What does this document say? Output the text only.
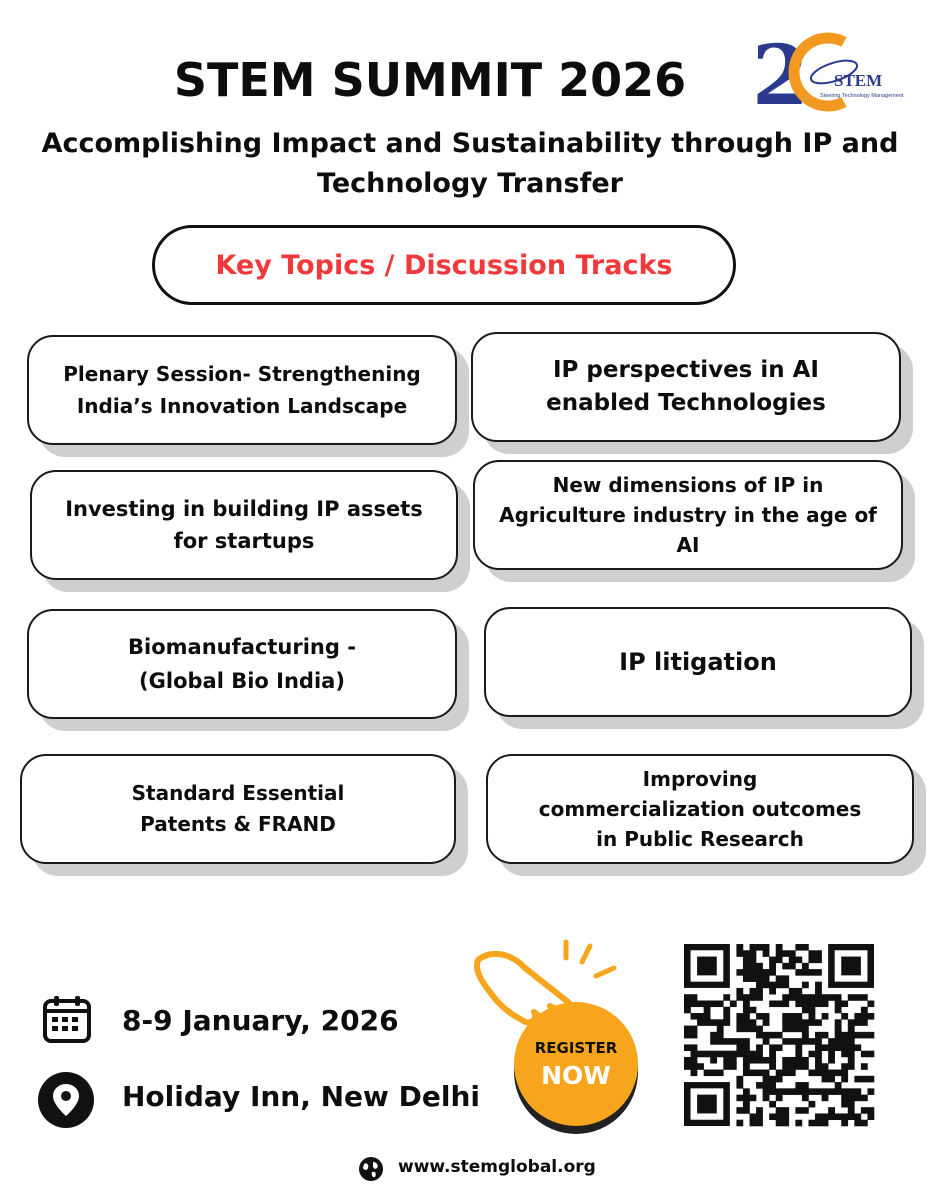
STEM SUMMIT 2026 2 STEM
Steering Technology Management
Accomplishing Impact and Sustainability through IP and
Technology Transfer
Key Topics / Discussion Tracks
Plenary Session- Strengthening
India’s Innovation Landscape
IP perspectives in AI
enabled Technologies
Investing in building IP assets
for startups
New dimensions of IP in
Agriculture industry in the age of
AI
Biomanufacturing -
(Global Bio India)
IP litigation
Standard Essential
Patents & FRAND
Improving
commercialization outcomes
in Public Research
8-9 January, 2026
Holiday Inn, New Delhi
REGISTER
NOW
www.stemglobal.org
